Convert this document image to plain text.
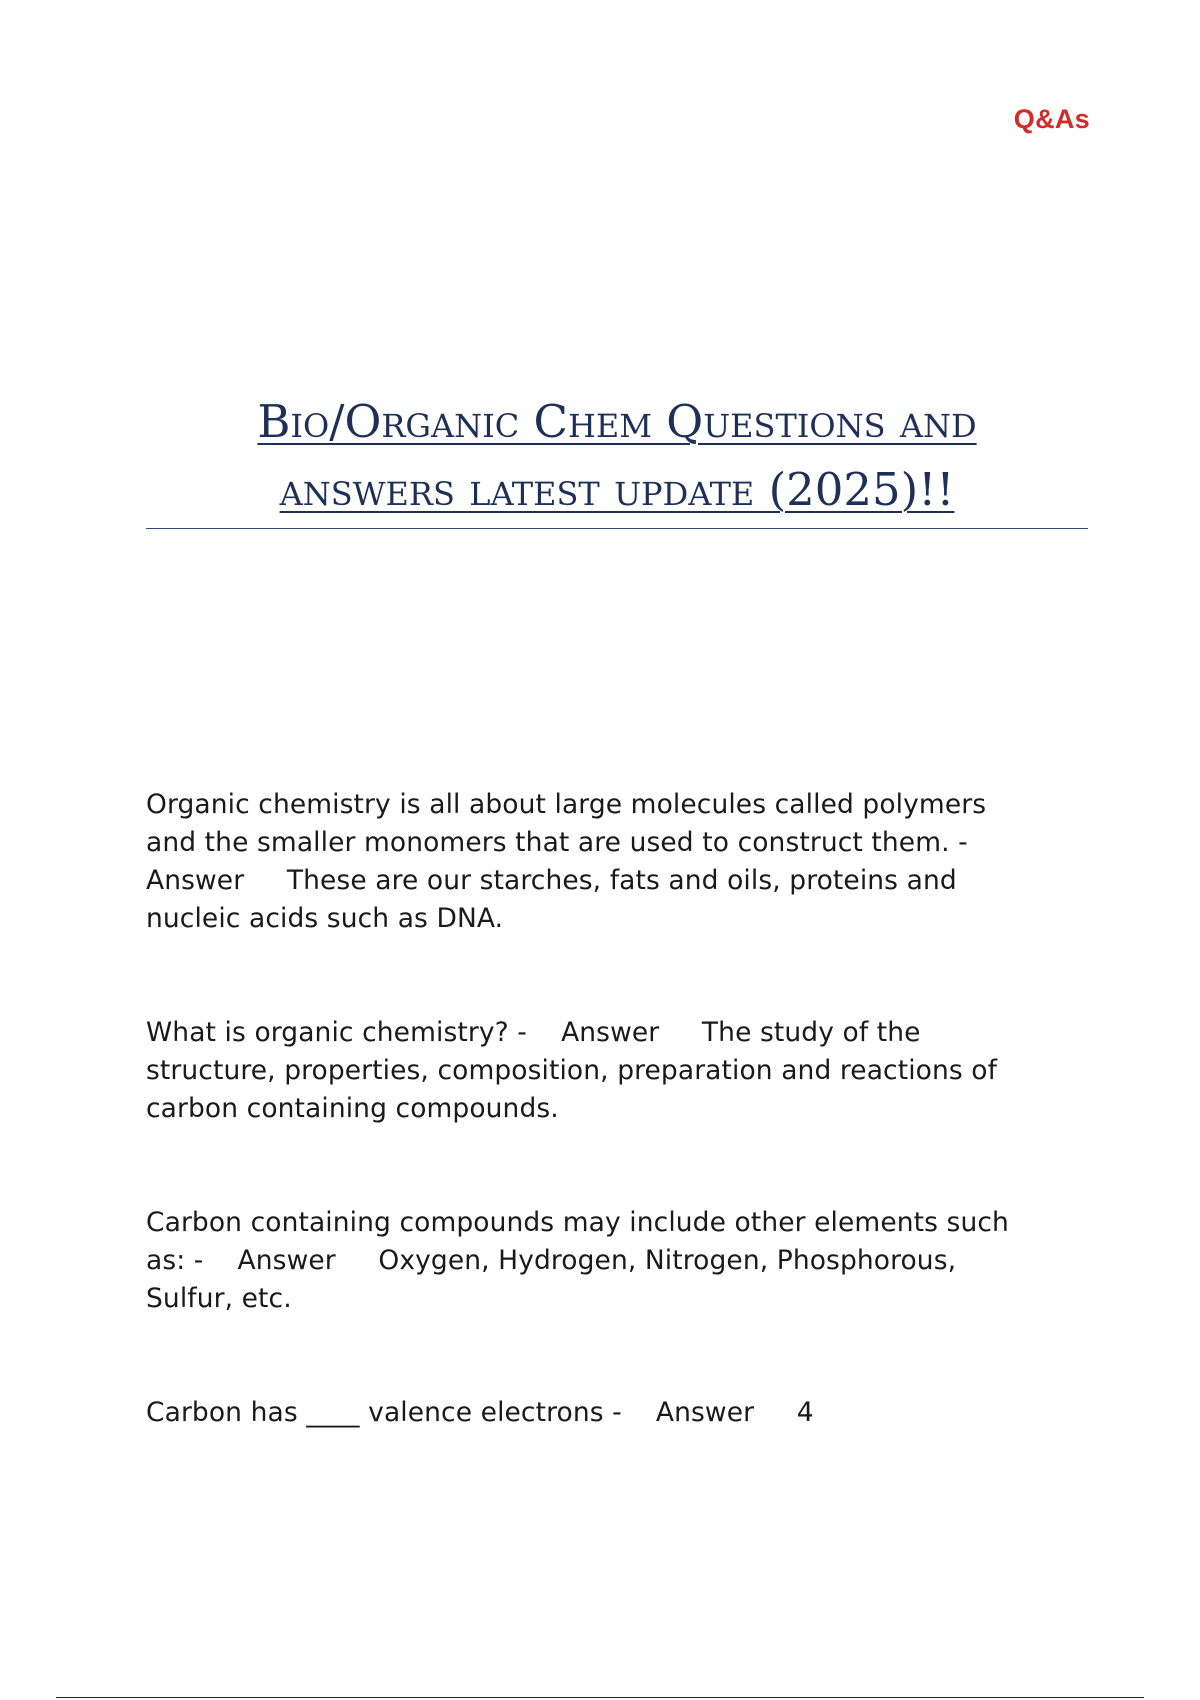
Q&As

Bio/Organic Chem Questions and

answers latest update (2025)!!

Organic chemistry is all about large molecules called polymers
and the smaller monomers that are used to construct them. -
Answer     These are our starches, fats and oils, proteins and
nucleic acids such as DNA.

What is organic chemistry? -    Answer     The study of the
structure, properties, composition, preparation and reactions of
carbon containing compounds.

Carbon containing compounds may include other elements such
as: -    Answer     Oxygen, Hydrogen, Nitrogen, Phosphorous,
Sulfur, etc.

Carbon has ____ valence electrons -    Answer     4
